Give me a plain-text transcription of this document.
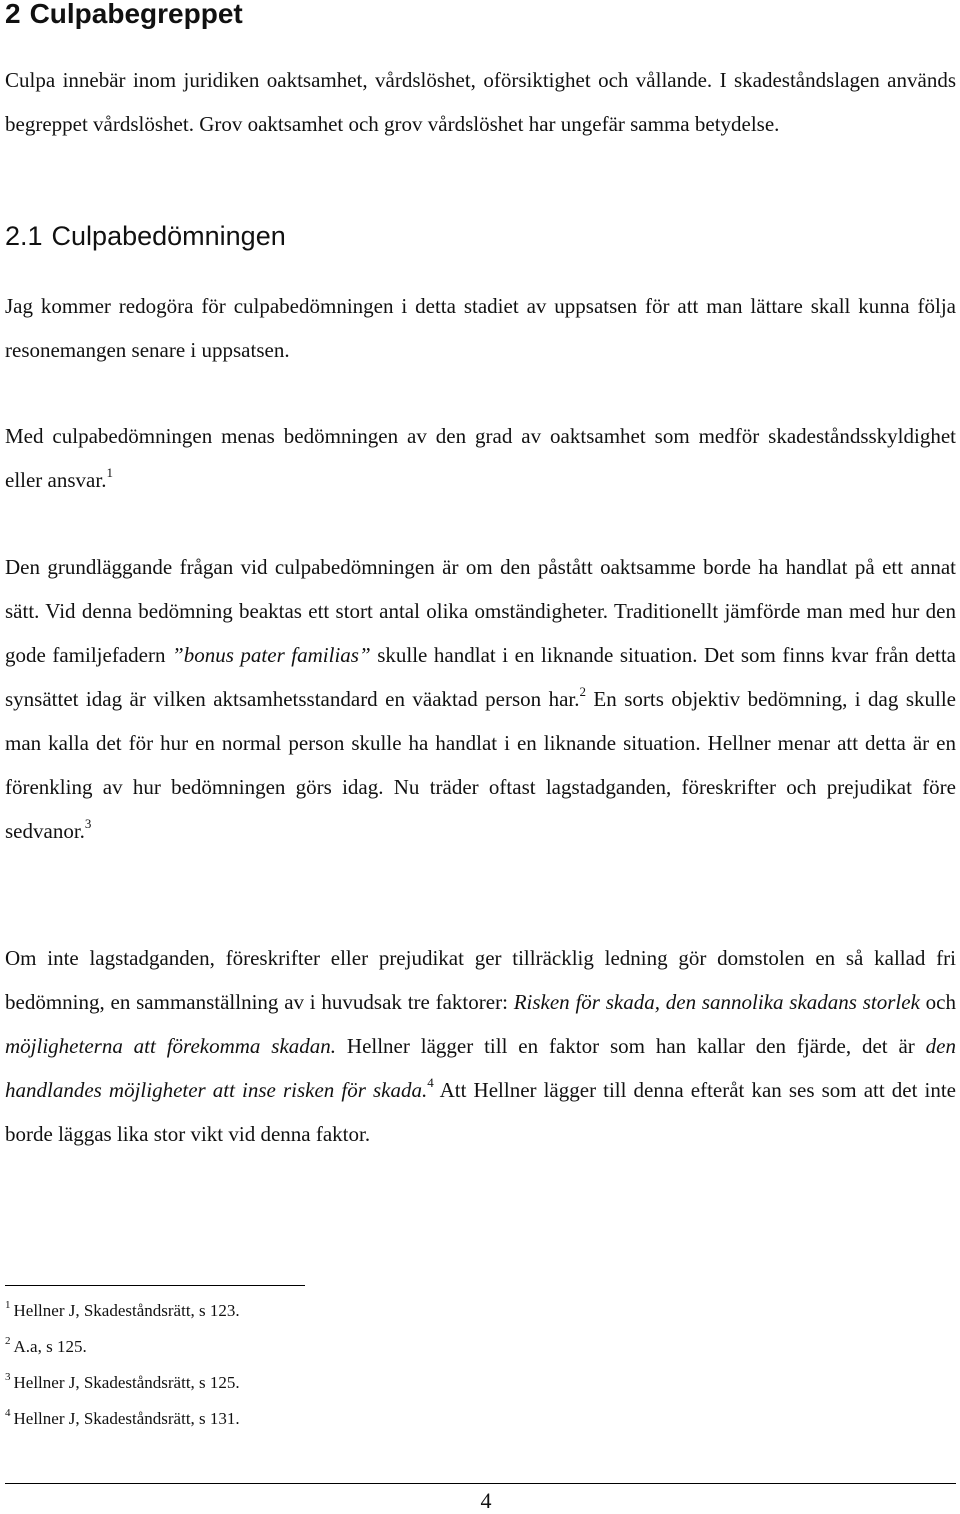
2 Culpabegreppet

Culpa innebär inom juridiken oaktsamhet, vårdslöshet, oförsiktighet och vållande. I skadeståndslagen används begreppet vårdslöshet. Grov oaktsamhet och grov vårdslöshet har ungefär samma betydelse.

2.1 Culpabedömningen

Jag kommer redogöra för culpabedömningen i detta stadiet av uppsatsen för att man lättare skall kunna följa resonemangen senare i uppsatsen.

Med culpabedömningen menas bedömningen av den grad av oaktsamhet som medför skadeståndsskyldighet eller ansvar.$^1$

Den grundläggande frågan vid culpabedömningen är om den påstått oaktsamme borde ha handlat på ett annat sätt. Vid denna bedömning beaktas ett stort antal olika omständigheter. Traditionellt jämförde man med hur den gode familjefadern ”bonus pater familias” skulle handlat i en liknande situation. Det som finns kvar från detta synsättet idag är vilken aktsamhetsstandard en väaktad person har.$^2$ En sorts objektiv bedömning, i dag skulle man kalla det för hur en normal person skulle ha handlat i en liknande situation. Hellner menar att detta är en förenkling av hur bedömningen görs idag. Nu träder oftast lagstadganden, föreskrifter och prejudikat före sedvanor.$^3$

Om inte lagstadganden, föreskrifter eller prejudikat ger tillräcklig ledning gör domstolen en så kallad fri bedömning, en sammanställning av i huvudsak tre faktorer: Risken för skada, den sannolika skadans storlek och möjligheterna att förekomma skadan. Hellner lägger till en faktor som han kallar den fjärde, det är den handlandes möjligheter att inse risken för skada.$^4$ Att Hellner lägger till denna efteråt kan ses som att det inte borde läggas lika stor vikt vid denna faktor.

$^1$ Hellner J, Skadeståndsrätt, s 123.
$^2$ A.a, s 125.
$^3$ Hellner J, Skadeståndsrätt, s 125.
$^4$ Hellner J, Skadeståndsrätt, s 131.
4
